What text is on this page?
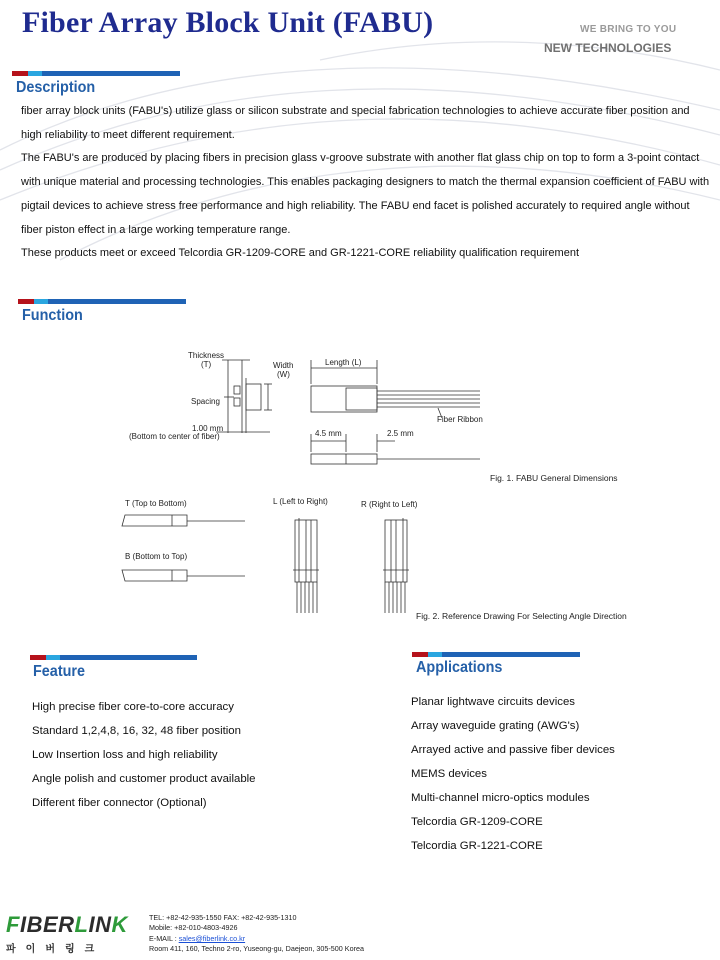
Fiber Array Block Unit (FABU)	WE BRING TO YOU
NEW TECHNOLOGIES
Description

fiber array block units (FABU's) utilize glass or silicon substrate and special fabrication technologies to achieve accurate fiber position and high reliability to meet different requirement.

The FABU's are produced by placing fibers in precision glass v-groove substrate with another flat glass chip on top to form a 3-point contact with unique material and processing technologies. This enables packaging designers to match the thermal expansion coefficient of FABU with pigtail devices to achieve stress free performance and high reliability. The FABU end facet is polished accurately to required angle without fiber piston effect in a large working temperature range.

These products meet or exceed Telcordia GR-1209-CORE and GR-1221-CORE reliability qualification requirement

Function
Thickness
(T)	Width
(W)
Spacing
1.00 mm
(Bottom to center of fiber)
Length (L)
Fiber Ribbon
4.5 mm	2.5 mm
Fig. 1. FABU General Dimensions
T (Top to Bottom)
B (Bottom to Top)
L (Left to Right)	R (Right to Left)
Fig. 2. Reference Drawing For Selecting Angle Direction
Feature
High precise fiber core-to-core accuracy
Standard 1,2,4,8, 16, 32, 48 fiber position
Low Insertion loss and high reliability
Angle polish and customer product available
Different fiber connector (Optional)
Applications
Planar lightwave circuits devices
Array waveguide grating (AWG's)
Arrayed active and passive fiber devices
MEMS devices
Multi-channel micro-optics modules
Telcordia GR-1209-CORE
Telcordia GR-1221-CORE
FIBERLINK
파이버링크
TEL: +82-42-935-1550 FAX: +82-42-935-1310
Mobile: +82-010-4803-4926
E-MAIL : sales@fiberlink.co.kr
Room 411, 160, Techno 2-ro, Yuseong-gu, Daejeon, 305-500 Korea
